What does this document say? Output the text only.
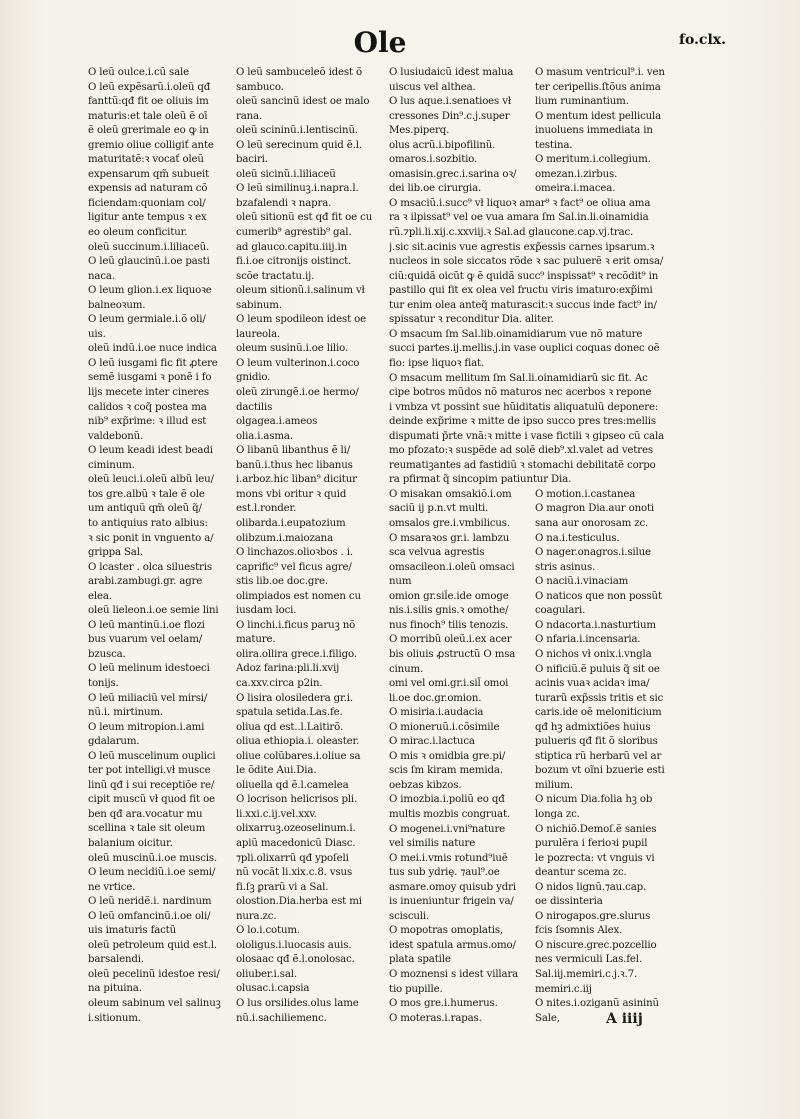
Ole	fo.clx.
O leũ oulce.i.cũ sale
O leũ expẽsarũ.i.oleũ qđ
fanttũ:qđ fit oe oliuis im
maturis:et tale oleũ ẽ oī
ẽ oleũ grerimale eo ꝙ in
gremio oliue colligiť ante
maturitatẽ:ꝛ vocať oleũ
expensarum qm̃ subueit
expensis ad naturam cõ
ficiendam:quoniam col/
ligitur ante tempus ꝛ ex
eo oleum conficitur.
oleũ succinum.i.liliaceũ.
O leũ glaucinũ.i.oe pasti
naca.
O leum glion.i.ex liquoꝛe
balneoꝛum.
O leum germiale.i.õ oli/
uis.
oleũ indũ.i.oe nuce indica
O leũ iusgami fic fit ꝓtere
semẽ iusgami ꝛ ponẽ i fo
lijs mecete inter cineres
calidos ꝛ coq̃ postea ma
nib⁹ exp̃rime: ꝛ illud est
valdebonũ.
O leum keadi idest beadi
ciminum.
oleũ leuci.i.oleũ albũ leu/
tos gre.albũ ꝛ tale ẽ ole
um antiquũ qm̃ oleũ q̃/
to antiquius rato albius:
ꝛ sic ponit in vnguento a/
grippa Sal.
O lcaster . olca siluestris
arabi.zambugi.gr. agre
elea.
oleũ lieleon.i.oe semie lini
O leũ mantinũ.i.oe flozi
bus vuarum vel oelam/
bzusca.
O leũ melinum idestoeci
tonijs.
O leũ miliaciũ vel mirsi/
nũ.i. mirtinum.
O leum mitropion.i.ami
gdalarum.
O leũ muscelinum ouplici
ter pot intelligi.vł musce
linũ qđ i sui receptiõe re/
cipit muscũ vł quod fit oe
ben qđ ara.vocatur mu
scellina ꝛ tale sit oleum
balanium oicitur.
oleũ muscinũ.i.oe muscis.
O leum necidiũ.i.oe semi/
ne vrtice.
O leũ neridẽ.i. nardinum
O leũ omfancinũ.i.oe oli/
uis imaturis factũ
oleũ petroleum quid est.l.
barsalendi.
oleũ pecelinũ idestoe resi/
na pituina.
oleum sabinum vel salinuꝫ
i.sitionum.
O leũ sambuceleõ idest õ
sambuco.
oleũ sancinũ idest oe malo
rana.
oleũ scininũ.i.lentiscinũ.
O leũ serecinum quid ẽ.l.
baciri.
oleũ sicinũ.i.liliaceũ
O leũ similinuꝫ.i.napra.l.
bzafalendi ꝛ napra.
oleũ sitionũ est qđ fit oe cu
cumerib⁹ agrestib⁹ gal.
ad glauco.capitu.iiij.in
fi.i.oe citronijs oistinct.
scõe tractatu.ij.
oleum sitionũ.i.salinum vł
sabinum.
O leum spodileon idest oe
laureola.
oleum susinũ.i.oe lilio.
O leum vulterinon.i.coco
gnidio.
oleũ zirungẽ.i.oe hermo/
dactilis
olgagea.i.ameos
olia.i.asma.
O libanũ libanthus ẽ li/
banũ.i.thus hec libanus
i.arboz.hic liban⁹ dicitur
mons vbi oritur ꝛ quid
est.l.ronder.
olibarda.i.eupatozium
olibzum.i.maiozana
O linchazos.olioꝛbos . i.
caprific⁹ vel ficus agre/
stis lib.oe doc.gre.
olimpiados est nomen cu
iusdam loci.
O linchi.i.ficus paruꝫ nõ
mature.
olira.ollira grece.i.filigo.
Adoz farina:pli.li.xvij
ca.xxv.circa p2in.
O lisira olosiledera gr.i.
spatula setida.Las.fe.
oliua qd est..l.Laitirõ.
oliua ethiopia.i. oleaster.
oliue colũbares.i.oliue sa
le õdite Aui.Dia.
oliuella qd ẽ.l.camelea
O locrison helicrisos pli.
li.xxi.c.ij.vel.xxv.
olixarruꝫ.ozeoselinum.i.
apiũ macedonicũ Diasc.
⁊pli.olixarrũ qđ ypoſeli
nũ vocãt li.xix.c.8. vsus
fi.ſꝫ ꝑrarũ vi a Sal.
olostion.Dia.herba est mi
nura.zc.
O lo.i.cotum.
ololigus.i.luocasis auis.
olosaac qđ ẽ.l.onolosac.
oliuber.i.sal.
olusac.i.capsia
O lus orsilides.olus lame
nũ.i.sachiliemenc.
O lusiudaicũ idest malua
uiscus vel althea.
O lus aque.i.senatioes vł
cressones Din⁹.c.j.super
Mes.piperq.
olus acrũ.i.bipofilinũ.
omaros.i.sozbitio.
omasisin.grec.i.sarina oꝛ/
dei lib.oe cirurgia.
O masum ventricul⁹.i. ven
ter ceripellis.ſtõus anima
lium ruminantium.
O mentum idest pellicula
inuoluens immediata in
testina.
O meritum.i.collegium.
omezan.i.zirbus.
omeira.i.macea.
O msaciũ.i.succ⁹ vł liquoꝛ amar⁹ ꝛ fact⁹ oe oliua ama
ra ꝛ ilpissat⁹ vel oe vua amara ſm Sal.in.li.oinamidia
rũ.⁊pli.li.xij.c.xxviij.ꝛ Sal.ad glaucone.cap.vj.trac.
j.sic sit.acinis vue agrestis exp̃essis carnes ipsarum.ꝛ
nucleos in sole siccatos rõde ꝛ sac puluerẽ ꝛ erit omsa/
ciũ:quidã oicũt ꝙ ẽ quidã succ⁹ inspissat⁹ ꝛ recõdit⁹ in
pastillo qui fit ex olea vel fructu viris imaturo:exp̃imi
tur enim olea anteq̃ maturascit:ꝛ succus inde fact⁹ in/
spissatur ꝛ reconditur Dia. aliter.
O msacum ſm Sal.lib.oinamidiarum vue nõ mature
succi partes.ij.mellis.j.in vase ouplici coquas donec oẽ
fio: ipse liquoꝛ fiat.
O msacum mellitum ſm Sal.li.oinamidiarũ sic fit. Ac
cipe botros mũdos nõ maturos nec acerbos ꝛ repone
i vmbza vt possint sue hũiditatis aliquatulũ deponere:
deinde exp̃rime ꝛ mitte de ipso succo pres tres:mellis
dispumati p̃rte vnã:ꝛ mitte i vase fictili ꝛ gipseo cũ cala
mo pfozato:ꝛ suspẽde ad solẽ dieb⁹.xl.valet ad vetres
reumatiꝫantes ad fastidiũ ꝛ stomachi debilitatẽ corpo
ra pfirmat q̃ sincopim patiuntur Dia.
O misakan omsakiõ.i.om
saciũ ij p.n.vt multi.
omsalos gre.i.vmbilicus.
O msaraꝛos gr.i. lambzu
sca velvua agrestis
omsacileon.i.oleũ omsaci
num
omion gr.sil̃e.ide omoge
nis.i.silis gnis.ꝛ omothe/
nus finoch⁹ tilis tenozis.
O morribũ oleũ.i.ex acer
bis oliuis ꝓstructũ O msa
cinum.
omi vel omi.gr.i.sil̃ omoi
li.oe doc.gr.omion.
O misiria.i.audacia
O mioneruũ.i.cõsimile
O mirac.i.lactuca
O mis ꝛ omidbia gre.pi/
scis ſm kiram memida.
oebzas kibzos.
O imozbia.i.poliũ eo qđ
multis mozbis congruat.
O mogenei.i.vni⁹nature
vel similis nature
O mei.i.vmis rotund⁹iuẽ
tus sub ydrię. ⁊aul⁹.oe
asmare.omoy quisub ydri
is inueniuntur frigein va/
scisculi.
O mopotras omoplatis,
idest spatula armus.omo/
plata spatile
O moznensi s idest villara
tio pupille.
O mos gre.i.humerus.
O moteras.i.rapas.
O motion.i.castanea
O magron Dia.aur onoti
sana aur onorosam zc.
O na.i.testiculus.
O nager.onagros.i.silue
stris asinus.
O naciũ.i.vinaciam
O naticos que non possũt
coagulari.
O ndacorta.i.nasturtium
O nfaria.i.incensaria.
O nichos vł onix.i.vngla
O nificiũ.ẽ puluis q̃ sit oe
acinis vuaꝛ acidaꝛ ima/
turarũ exp̃ssis tritis et sic
caris.ide oẽ meloniticium
qđ hꝫ admixtiões huius
pulueris qđ fit õ sloribus
stiptica rũ herbarũ vel ar
bozum vt oĩni bzuerie esti
milium.
O nicum Dia.folia hꝫ ob
longa zc.
O nichiõ.Demoſ.ẽ sanies
purulẽra i ferioꝛi pupil
le pozrecta: vt vnguis vi
deantur scema zc.
O nidos lignũ.⁊au.cap.
oe dissinteria
O nirogapos.gre.slurus
fcis ſsomnis Alex.
O niscure.grec.pozcellio
nes vermiculi Las.fel.
Sal.iij.memiri.c.j.ꝛ.7.
memiri.c.iij
O nites.i.oziganũ asininũ
Sale,	A iiij
